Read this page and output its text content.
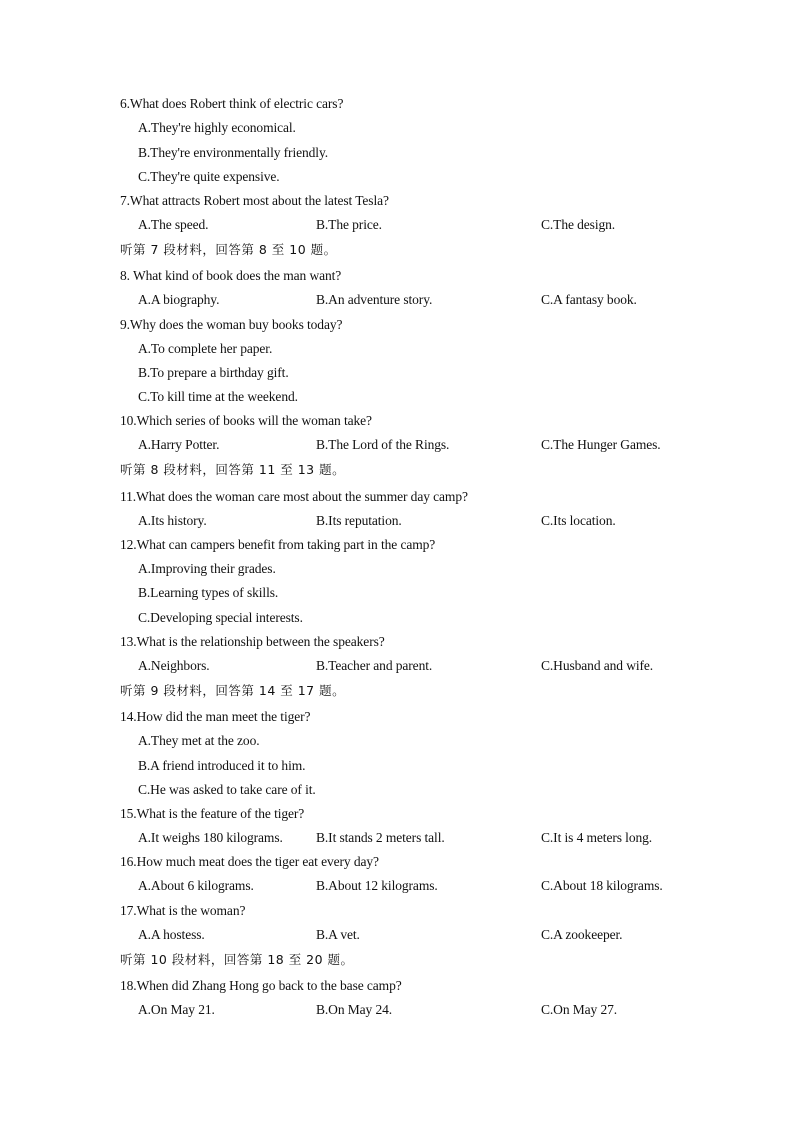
6.What does Robert think of electric cars?
A.They're highly economical.
B.They're environmentally friendly.
C.They're quite expensive.
7.What attracts Robert most about the latest Tesla?
A.The speed.	B.The price.	C.The design.
听第 7 段材料，回答第 8 至 10 题。
8. What kind of book does the man want?
A.A biography.	B.An adventure story.	C.A fantasy book.
9.Why does the woman buy books today?
A.To complete her paper.
B.To prepare a birthday gift.
C.To kill time at the weekend.
10.Which series of books will the woman take?
A.Harry Potter.	B.The Lord of the Rings.	C.The Hunger Games.
听第 8 段材料，回答第 11 至 13 题。
11.What does the woman care most about the summer day camp?
A.Its history.	B.Its reputation.	C.Its location.
12.What can campers benefit from taking part in the camp?
A.Improving their grades.
B.Learning types of skills.
C.Developing special interests.
13.What is the relationship between the speakers?
A.Neighbors.	B.Teacher and parent.	C.Husband and wife.
听第 9 段材料，回答第 14 至 17 题。
14.How did the man meet the tiger?
A.They met at the zoo.
B.A friend introduced it to him.
C.He was asked to take care of it.
15.What is the feature of the tiger?
A.It weighs 180 kilograms. B.It stands 2 meters tall.	C.It is 4 meters long.
16.How much meat does the tiger eat every day?
A.About 6 kilograms.	B.About 12 kilograms.	C.About 18 kilograms.
17.What is the woman?
A.A hostess.	B.A vet.	C.A zookeeper.
听第 10 段材料，回答第 18 至 20 题。
18.When did Zhang Hong go back to the base camp?
A.On May 21.	B.On May 24.	C.On May 27.
